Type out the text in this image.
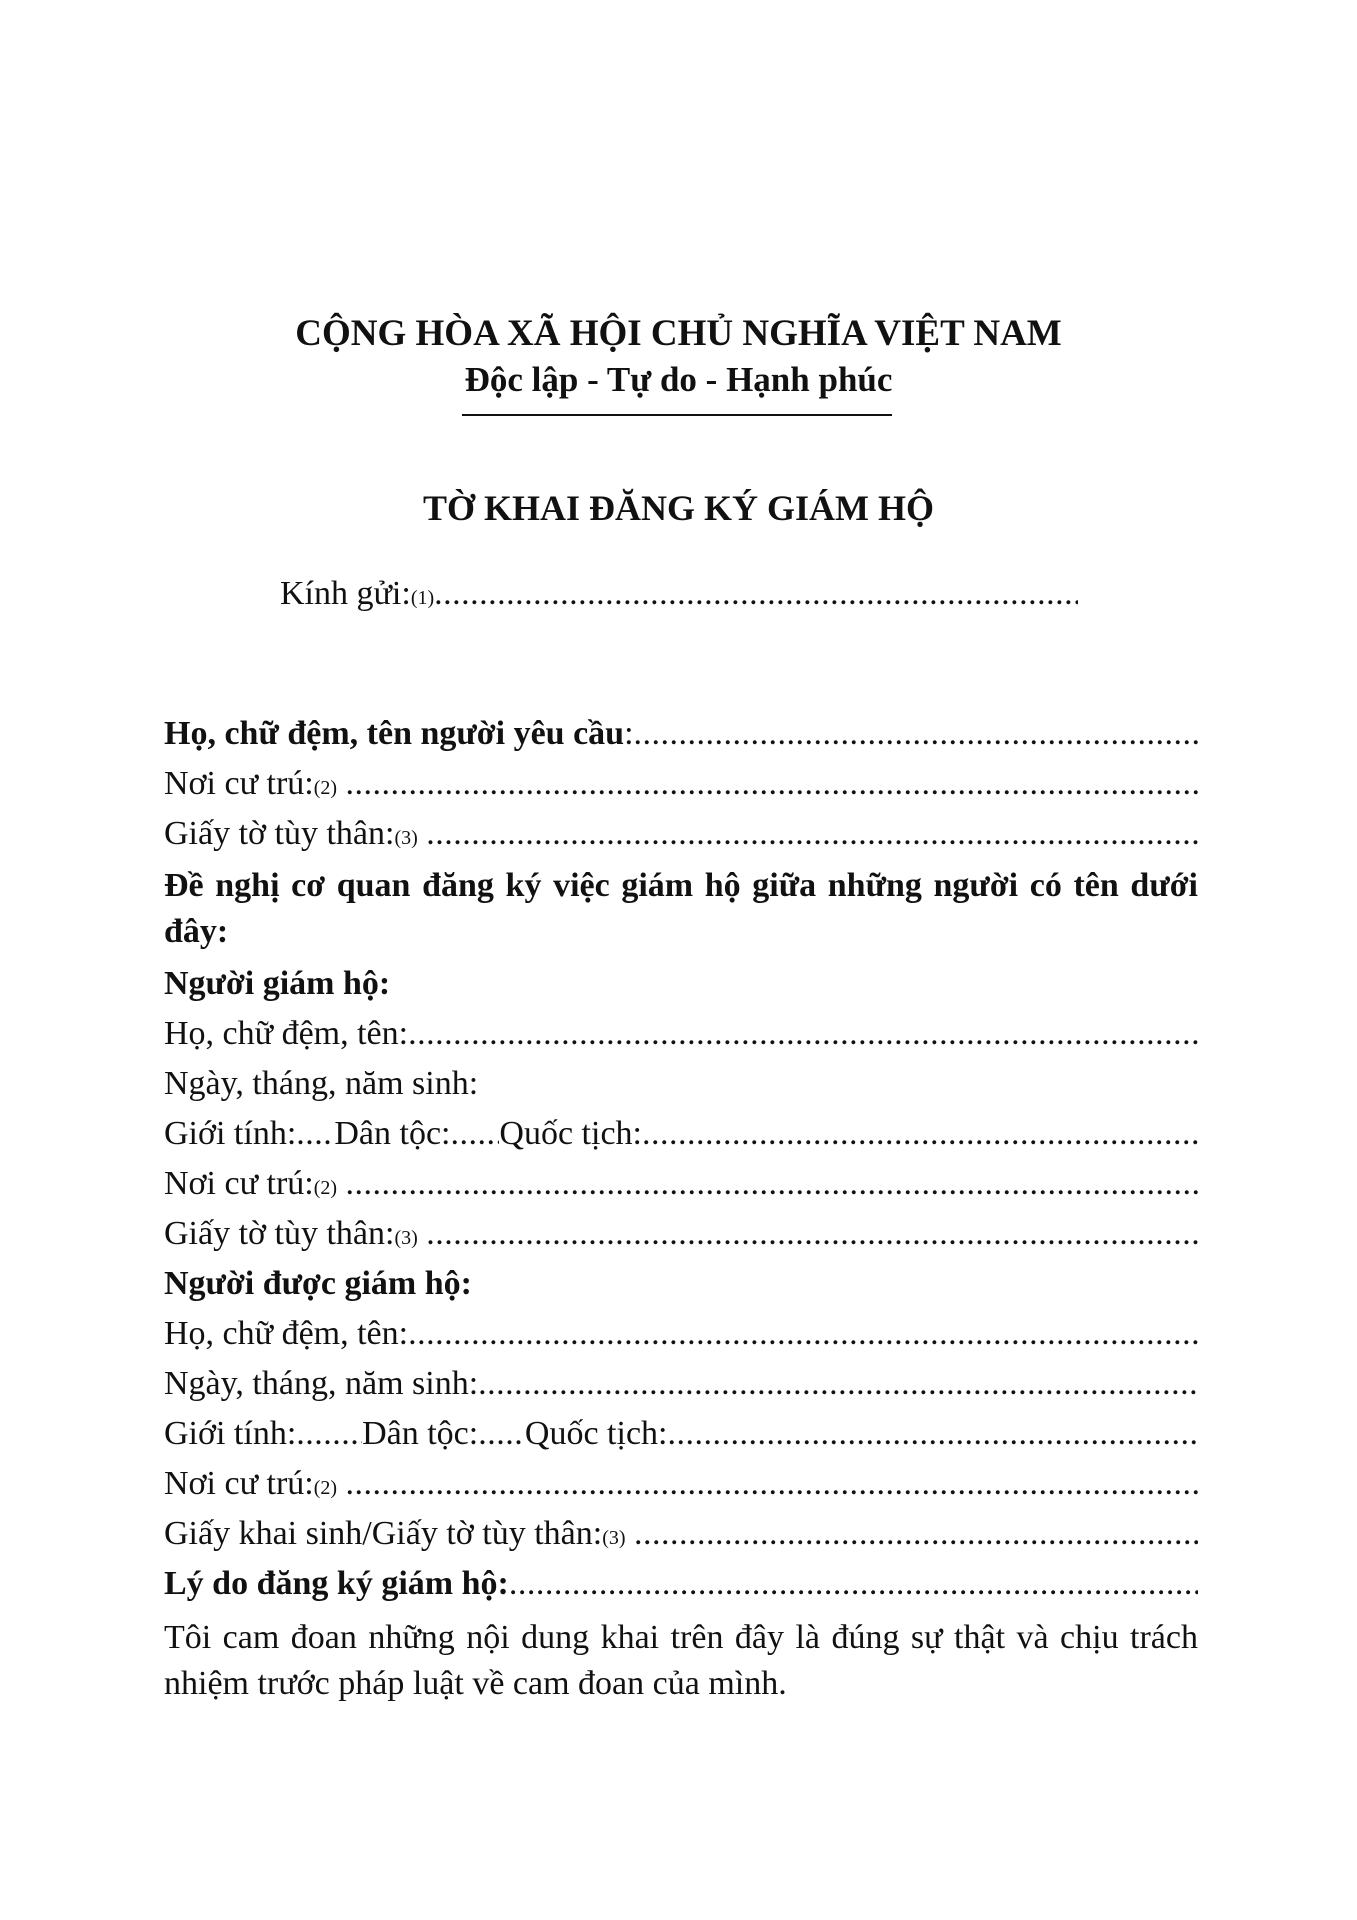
CỘNG HÒA XÃ HỘI CHỦ NGHĨA VIỆT NAM
Độc lập - Tự do - Hạnh phúc
TỜ KHAI ĐĂNG KÝ GIÁM HỘ
Kính gửi: (1)
.....
Họ, chữ đệm, tên người yêu cầu :
.....
Nơi cư trú: (2)

.....
Giấy tờ tùy thân: (3)

.....
Đề nghị cơ quan đăng ký việc giám hộ giữa những người có tên dưới đây:
Người giám hộ:
Họ, chữ đệm, tên:
.....
Ngày, tháng, năm sinh:
Giới tính: ..... Dân tộc: ..... Quốc tịch:
.....
Nơi cư trú: (2)

.....
Giấy tờ tùy thân: (3)

.....
Người được giám hộ:
Họ, chữ đệm, tên:
.....
Ngày, tháng, năm sinh:
.....
Giới tính: ..... Dân tộc: ..... Quốc tịch:
.....
Nơi cư trú: (2)

.....
Giấy khai sinh/Giấy tờ tùy thân: (3)

.....
Lý do đăng ký giám hộ:
.....
Tôi cam đoan những nội dung khai trên đây là đúng sự thật và chịu trách nhiệm trước pháp luật về cam đoan của mình.
